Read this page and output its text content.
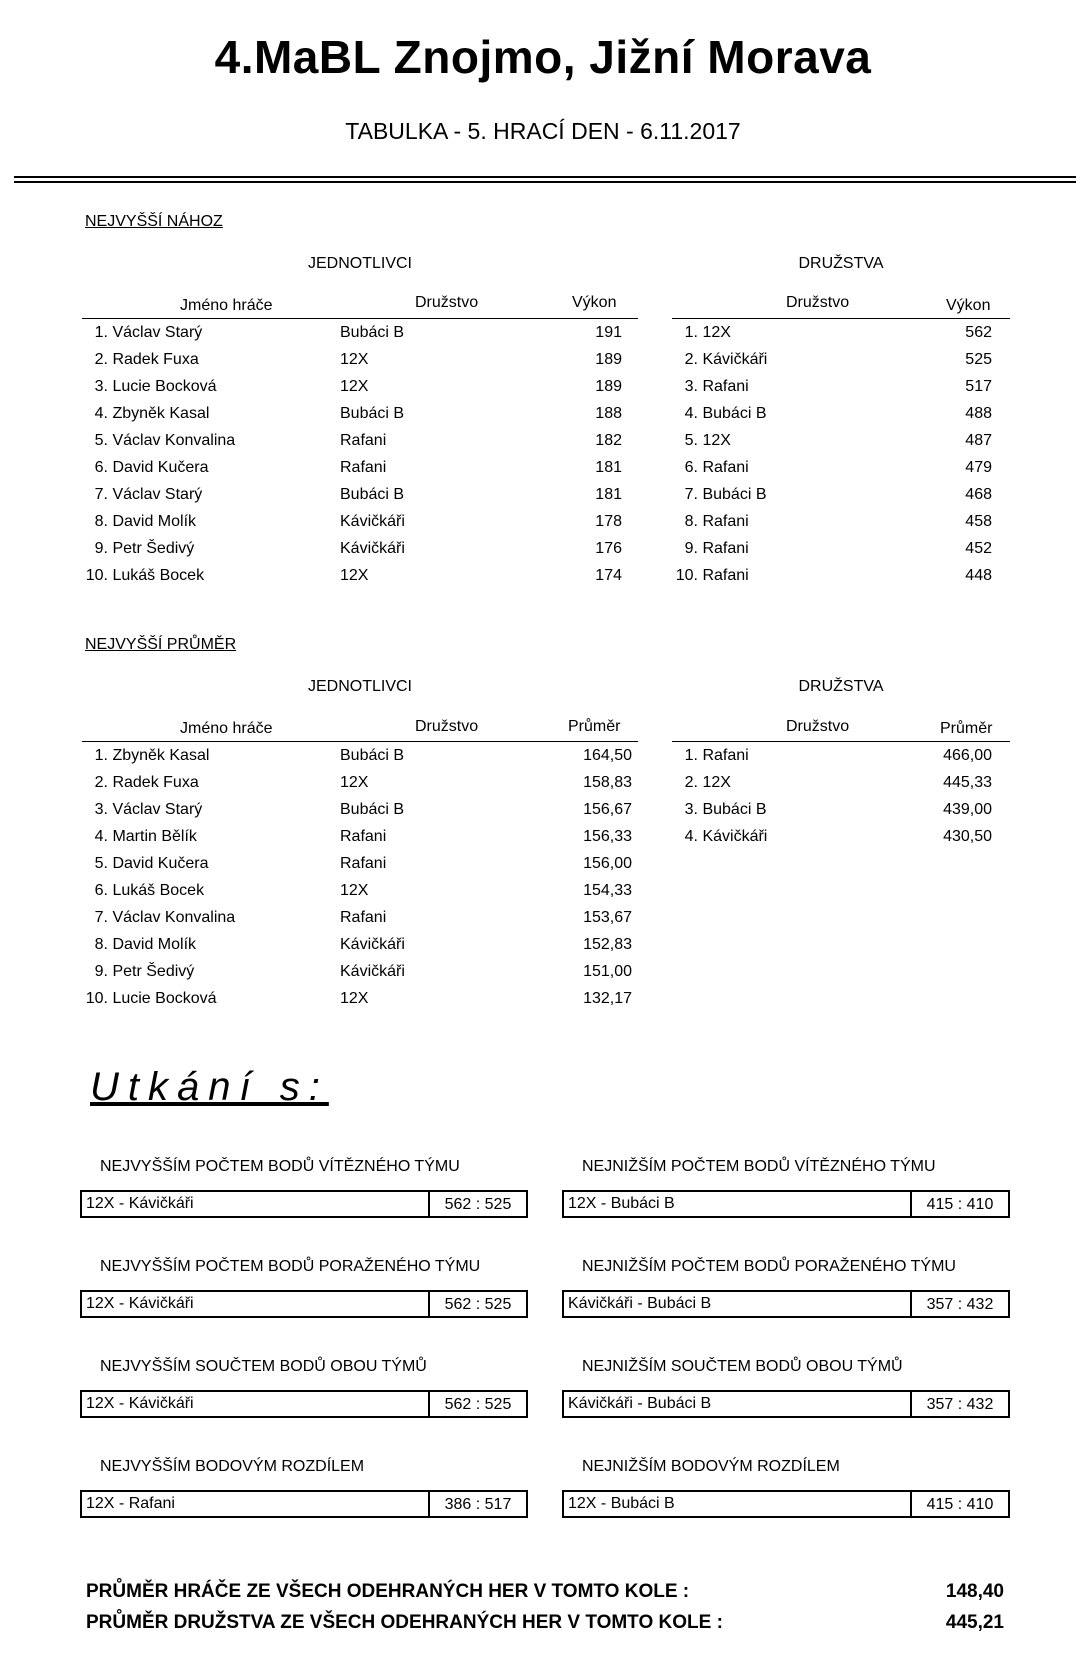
4.MaBL Znojmo, Jižní Morava
TABULKA - 5. HRACÍ DEN - 6.11.2017
NEJVYŠŠÍ NÁHOZ
JEDNOTLIVCI	DRUŽSTVA
Jméno hráče	Družstvo	Výkon	Družstvo	Výkon
1. Václav Starý	Bubáci B	191
2. Radek Fuxa	12X	189
3. Lucie Bocková	12X	189
4. Zbyněk Kasal	Bubáci B	188
5. Václav Konvalina	Rafani	182
6. David Kučera	Rafani	181
7. Václav Starý	Bubáci B	181
8. David Molík	Kávičkáři	178
9. Petr Šedivý	Kávičkáři	176
10. Lukáš Bocek	12X	174
1. 12X	562
2. Kávičkáři	525
3. Rafani	517
4. Bubáci B	488
5. 12X	487
6. Rafani	479
7. Bubáci B	468
8. Rafani	458
9. Rafani	452
10. Rafani	448
NEJVYŠŠÍ PRŮMĚR
JEDNOTLIVCI	DRUŽSTVA
Jméno hráče	Družstvo	Průměr	Družstvo	Průměr
1. Zbyněk Kasal	Bubáci B	164,50
2. Radek Fuxa	12X	158,83
3. Václav Starý	Bubáci B	156,67
4. Martin Bělík	Rafani	156,33
5. David Kučera	Rafani	156,00
6. Lukáš Bocek	12X	154,33
7. Václav Konvalina	Rafani	153,67
8. David Molík	Kávičkáři	152,83
9. Petr Šedivý	Kávičkáři	151,00
10. Lucie Bocková	12X	132,17
1. Rafani	466,00
2. 12X	445,33
3. Bubáci B	439,00
4. Kávičkáři	430,50
Utkání s:
NEJVYŠŠÍM POČTEM BODŮ VÍTĚZNÉHO TÝMU
12X - Kávičkáři	562 : 525
NEJVYŠŠÍM POČTEM BODŮ PORAŽENÉHO TÝMU
12X - Kávičkáři	562 : 525
NEJVYŠŠÍM SOUČTEM BODŮ OBOU TÝMŮ
12X - Kávičkáři	562 : 525
NEJVYŠŠÍM BODOVÝM ROZDÍLEM
12X - Rafani	386 : 517
NEJNIŽŠÍM POČTEM BODŮ VÍTĚZNÉHO TÝMU
12X - Bubáci B	415 : 410
NEJNIŽŠÍM POČTEM BODŮ PORAŽENÉHO TÝMU
Kávičkáři - Bubáci B	357 : 432
NEJNIŽŠÍM SOUČTEM BODŮ OBOU TÝMŮ
Kávičkáři - Bubáci B	357 : 432
NEJNIŽŠÍM BODOVÝM ROZDÍLEM
12X - Bubáci B	415 : 410
PRŮMĚR HRÁČE ZE VŠECH ODEHRANÝCH HER V TOMTO KOLE :	148,40
PRŮMĚR DRUŽSTVA ZE VŠECH ODEHRANÝCH HER V TOMTO KOLE :	445,21
